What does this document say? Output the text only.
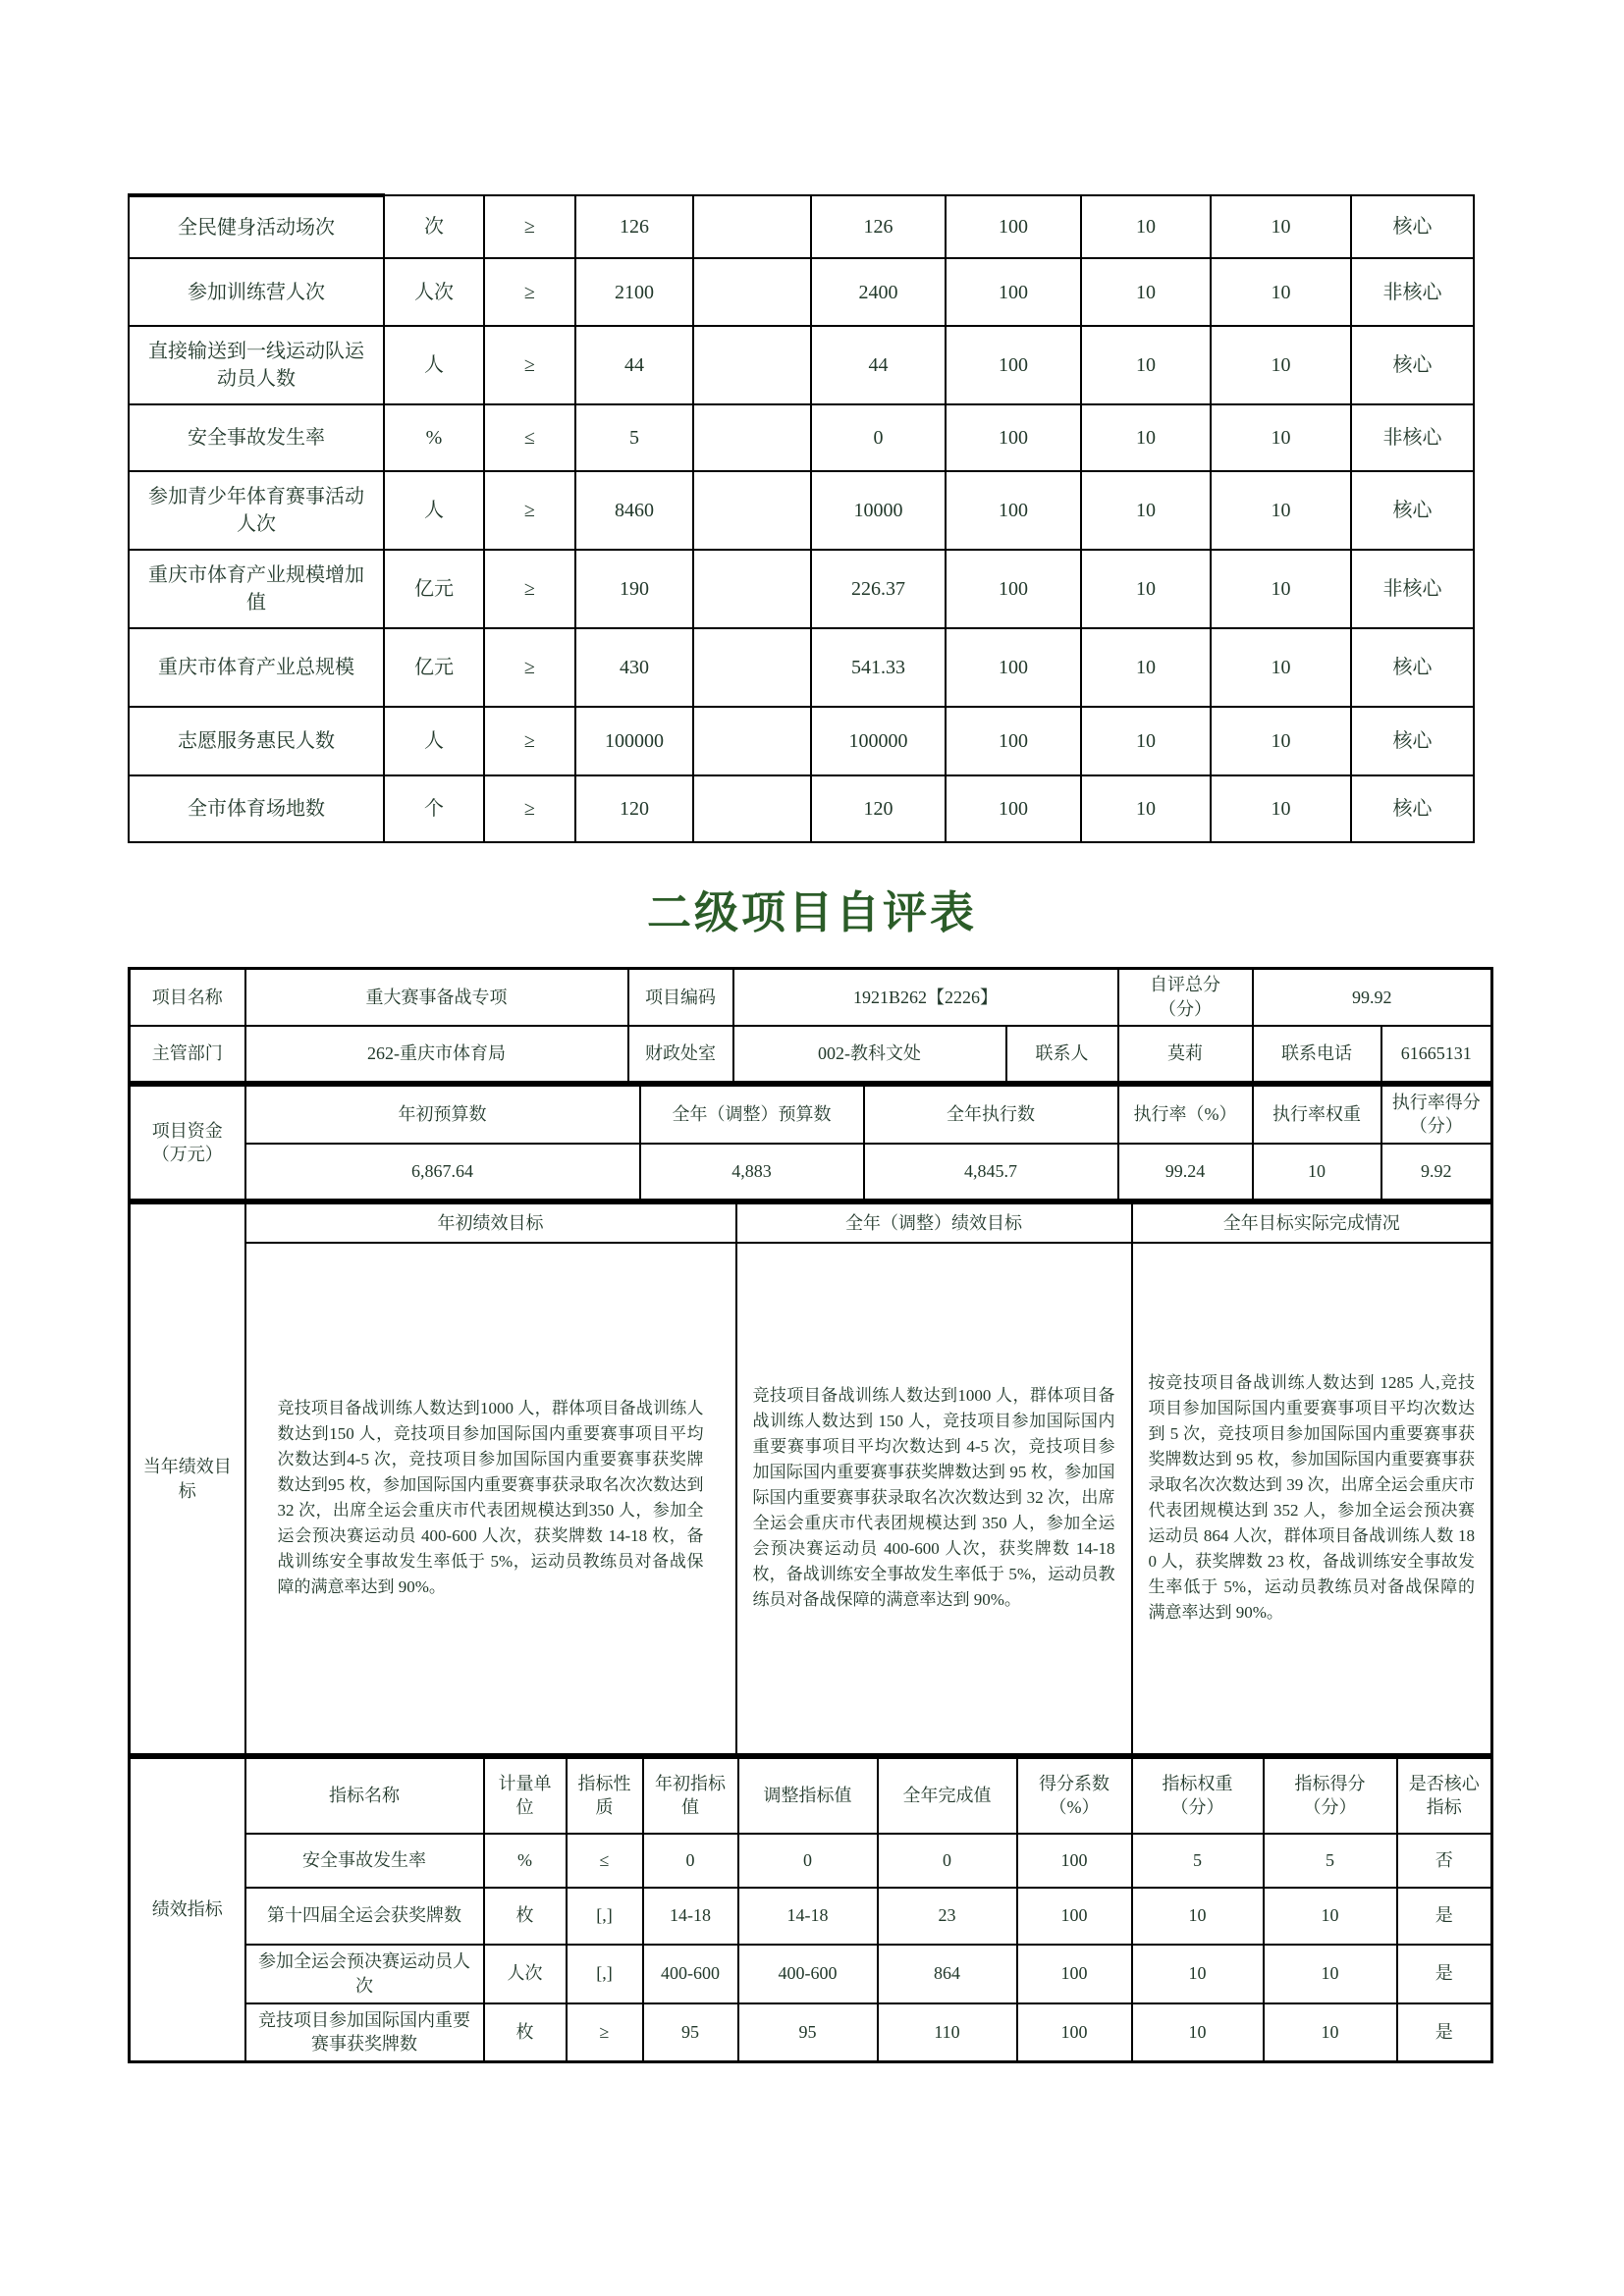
全民健身活动场次	次	≥	126		126	100	10	10	核心
参加训练营人次	人次	≥	2100		2400	100	10	10	非核心
直接输送到一线运动队运动员人数	人	≥	44		44	100	10	10	核心
安全事故发生率	%	≤	5		0	100	10	10	非核心
参加青少年体育赛事活动人次	人	≥	8460		10000	100	10	10	核心
重庆市体育产业规模增加值	亿元	≥	190		226.37	100	10	10	非核心
重庆市体育产业总规模	亿元	≥	430		541.33	100	10	10	核心
志愿服务惠民人数	人	≥	100000		100000	100	10	10	核心
全市体育场地数	个	≥	120		120	100	10	10	核心
二级项目自评表
项目名称	重大赛事备战专项	项目编码	1921B262【2226】		自评总分（分）	99.92	
主管部门	262-重庆市体育局	财政处室	002-教科文处	联系人	莫莉	联系电话	61665131
项目资金（万元）	年初预算数	全年（调整）预算数	全年执行数	执行率（%）	执行率权重	执行率得分（分）
	6,867.64	4,883	4,845.7	99.24	10	9.92
当年绩效目标	年初绩效目标	全年（调整）绩效目标	全年目标实际完成情况
竞技项目备战训练人数达到1000 人，群体项目备战训练人数达到150 人，竞技项目参加国际国内重要赛事项目平均次数达到4-5 次，竞技项目参加国际国内重要赛事获奖牌数达到95 枚，参加国际国内重要赛事获录取名次次数达到32 次，出席全运会重庆市代表团规模达到350 人，参加全运会预决赛运动员 400-600 人次，获奖牌数 14-18 枚，备战训练安全事故发生率低于 5%，运动员教练员对备战保障的满意率达到 90%。	竞技项目备战训练人数达到1000 人，群体项目备战训练人数达到 150 人，竞技项目参加国际国内重要赛事项目平均次数达到 4-5 次，竞技项目参加国际国内重要赛事获奖牌数达到 95 枚，参加国际国内重要赛事获录取名次次数达到 32 次，出席全运会重庆市代表团规模达到 350 人，参加全运会预决赛运动员 400-600 人次，获奖牌数 14-18 枚，备战训练安全事故发生率低于 5%，运动员教练员对备战保障的满意率达到 90%。	按竞技项目备战训练人数达到 1285 人,竞技项目参加国际国内重要赛事项目平均次数达到 5 次，竞技项目参加国际国内重要赛事获奖牌数达到 95 枚，参加国际国内重要赛事获录取名次次数达到 39 次，出席全运会重庆市代表团规模达到 352 人，参加全运会预决赛运动员 864 人次，群体项目备战训练人数 180 人，获奖牌数 23 枚，备战训练安全事故发生率低于 5%，运动员教练员对备战保障的满意率达到 90%。
绩效指标	指标名称	计量单位	指标性质	年初指标值	调整指标值	全年完成值	得分系数（%）	指标权重（分）	指标得分（分）	是否核心指标
	安全事故发生率	%	≤	0	0	0	100	5	5	否
	第十四届全运会获奖牌数	枚	[,]	14-18	14-18	23	100	10	10	是
	参加全运会预决赛运动员人次	人次	[,]	400-600	400-600	864	100	10	10	是
	竞技项目参加国际国内重要赛事获奖牌数	枚	≥	95	95	110	100	10	10	是
